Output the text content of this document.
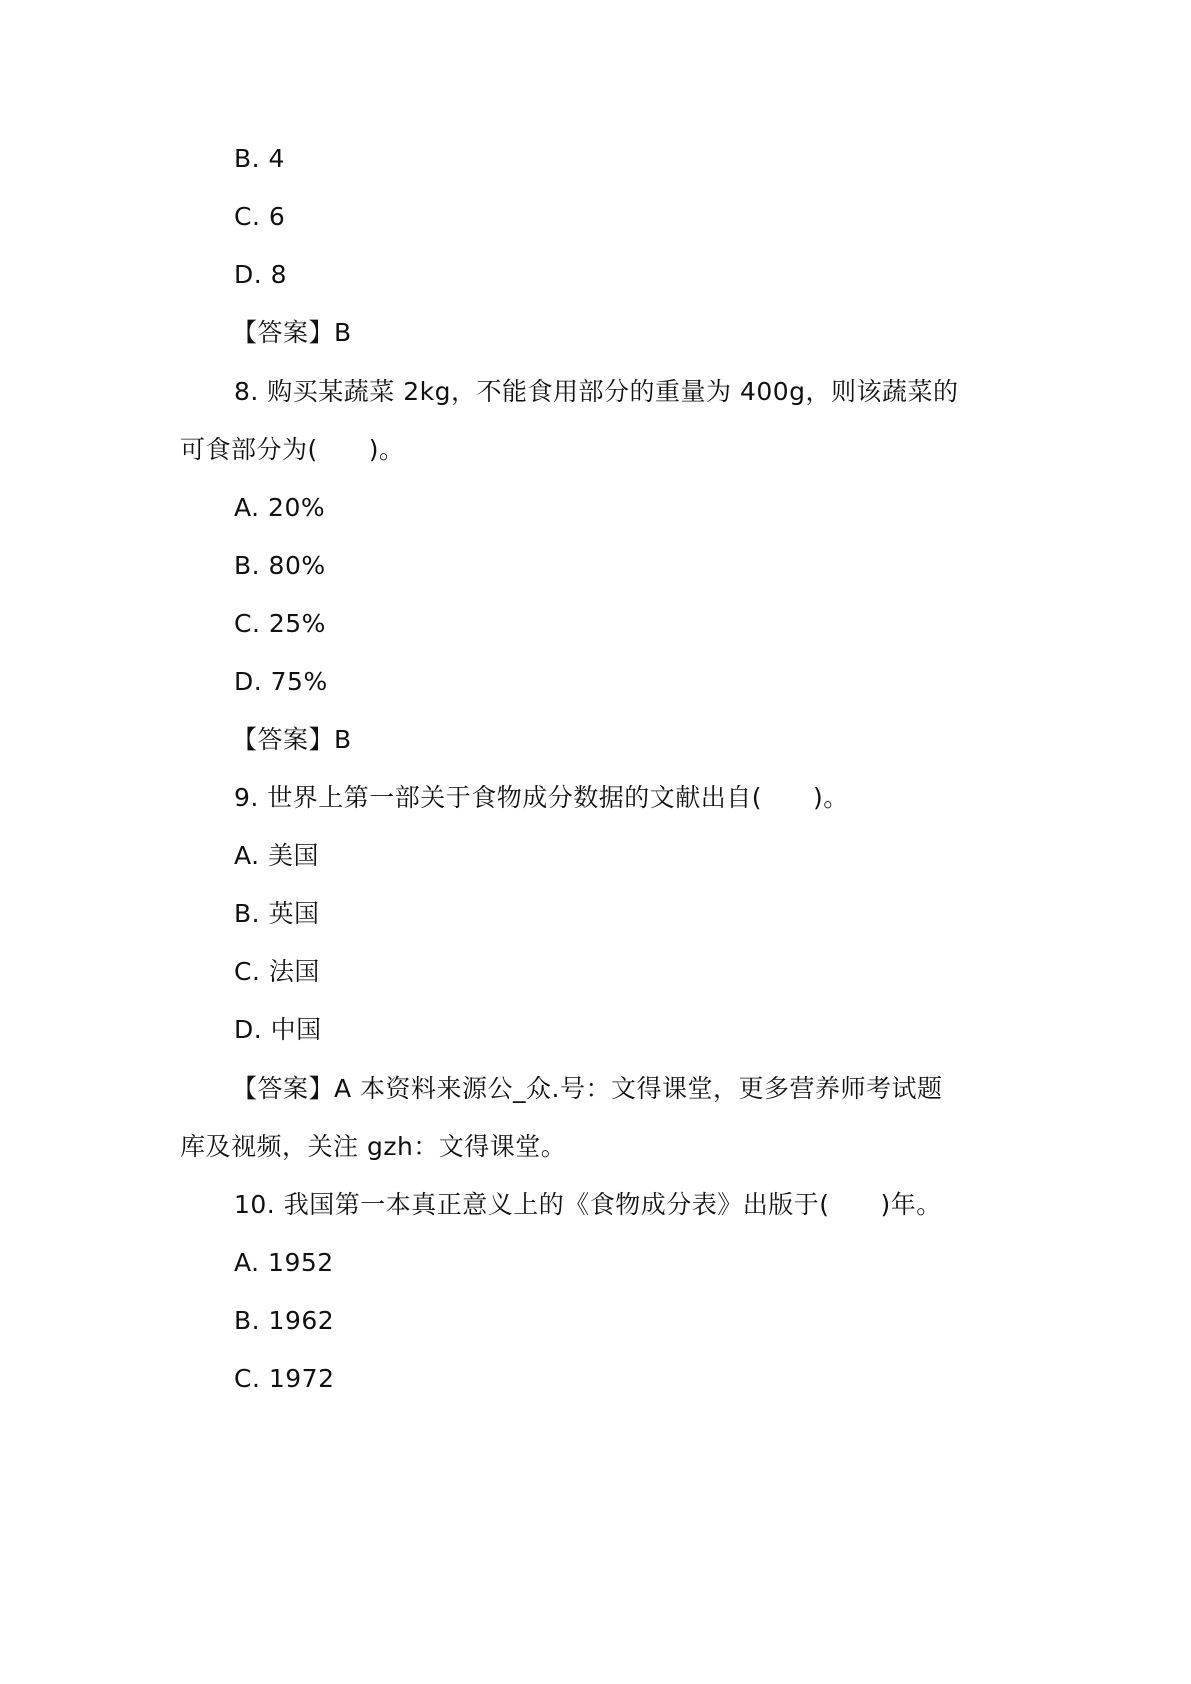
B. 4

C. 6

D. 8

【答案】B

8. 购买某蔬菜 2kg，不能食用部分的重量为 400g，则该蔬菜的

可食部分为(　　)。

A. 20%

B. 80%

C. 25%

D. 75%

【答案】B

9. 世界上第一部关于食物成分数据的文献出自(　　)。

A. 美国

B. 英国

C. 法国

D. 中国

【答案】A 本资料来源公_众.号：文得课堂，更多营养师考试题

库及视频，关注 gzh：文得课堂。

10. 我国第一本真正意义上的《食物成分表》出版于(　　)年。

A. 1952

B. 1962

C. 1972
